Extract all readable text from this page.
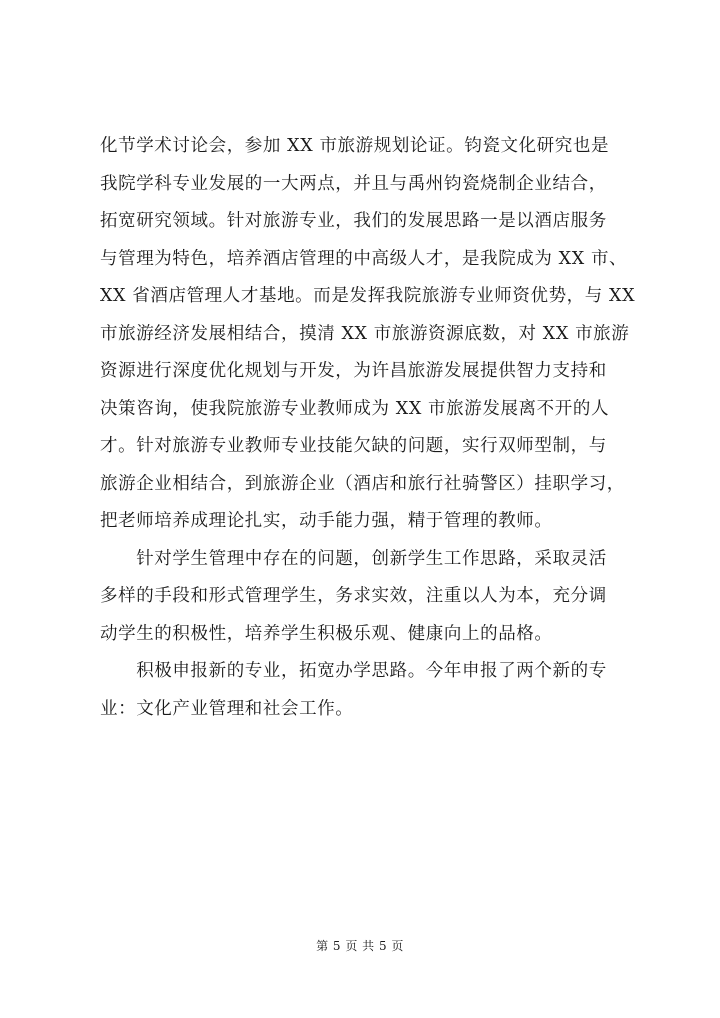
化节学术讨论会，参加 XX 市旅游规划论证。钧瓷文化研究也是
我院学科专业发展的一大两点，并且与禹州钧瓷烧制企业结合，
拓宽研究领域。针对旅游专业，我们的发展思路一是以酒店服务
与管理为特色，培养酒店管理的中高级人才，是我院成为 XX 市、
XX 省酒店管理人才基地。而是发挥我院旅游专业师资优势，与 XX
市旅游经济发展相结合，摸清 XX 市旅游资源底数，对 XX 市旅游
资源进行深度优化规划与开发，为许昌旅游发展提供智力支持和
决策咨询，使我院旅游专业教师成为 XX 市旅游发展离不开的人
才。针对旅游专业教师专业技能欠缺的问题，实行双师型制，与
旅游企业相结合，到旅游企业（酒店和旅行社骑警区）挂职学习，
把老师培养成理论扎实，动手能力强，精于管理的教师。
　　针对学生管理中存在的问题，创新学生工作思路，采取灵活
多样的手段和形式管理学生，务求实效，注重以人为本，充分调
动学生的积极性，培养学生积极乐观、健康向上的品格。
　　积极申报新的专业，拓宽办学思路。今年申报了两个新的专
业：文化产业管理和社会工作。
第 5 页 共 5 页
